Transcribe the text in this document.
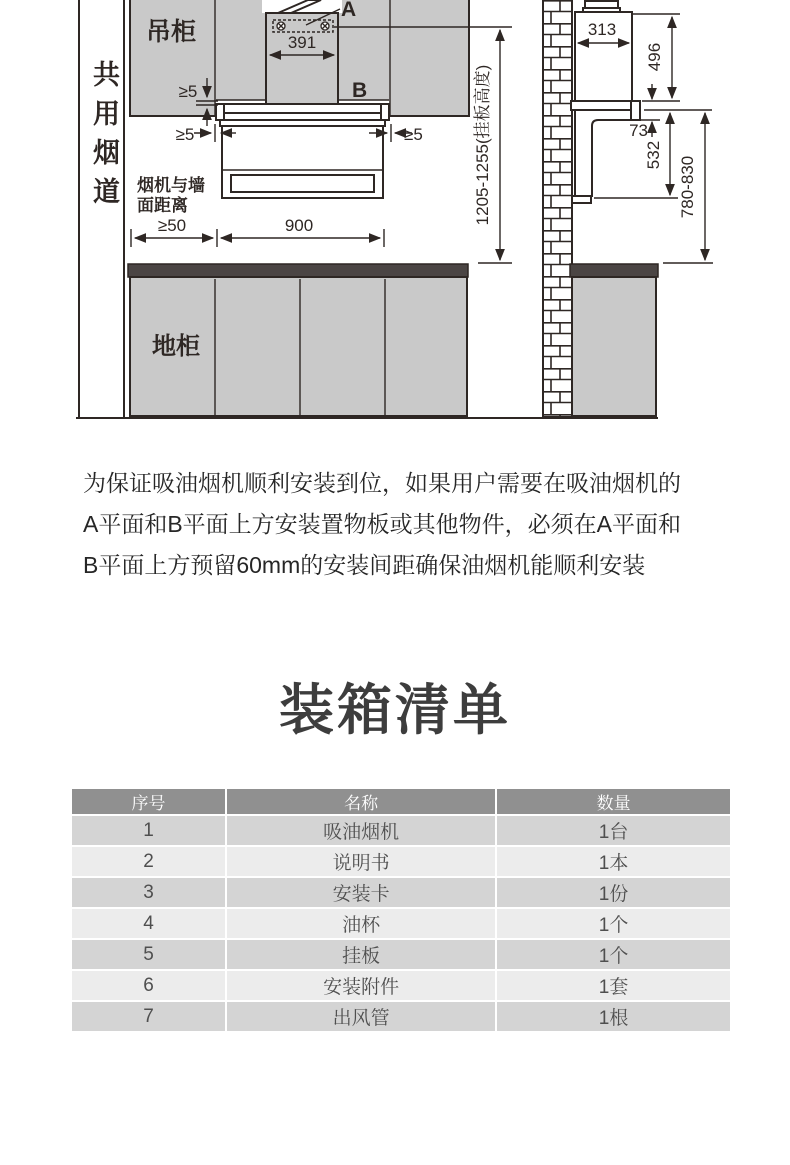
吊柜
A
391
B
≥5
≥5	≥5
烟机与墙
面距离
≥50	900
1205-1255(挂板高度)
地柜
313
496
73
532
780-830
共用烟道
为保证吸油烟机顺利安装到位，如果用户需要在吸油烟机的
A平面和B平面上方安装置物板或其他物件，必须在A平面和
B平面上方预留60mm的安装间距确保油烟机能顺利安装
装箱清单
序号	名称	数量
1	吸油烟机	1台
2	说明书	1本
3	安装卡	1份
4	油杯	1个
5	挂板	1个
6	安装附件	1套
7	出风管	1根
